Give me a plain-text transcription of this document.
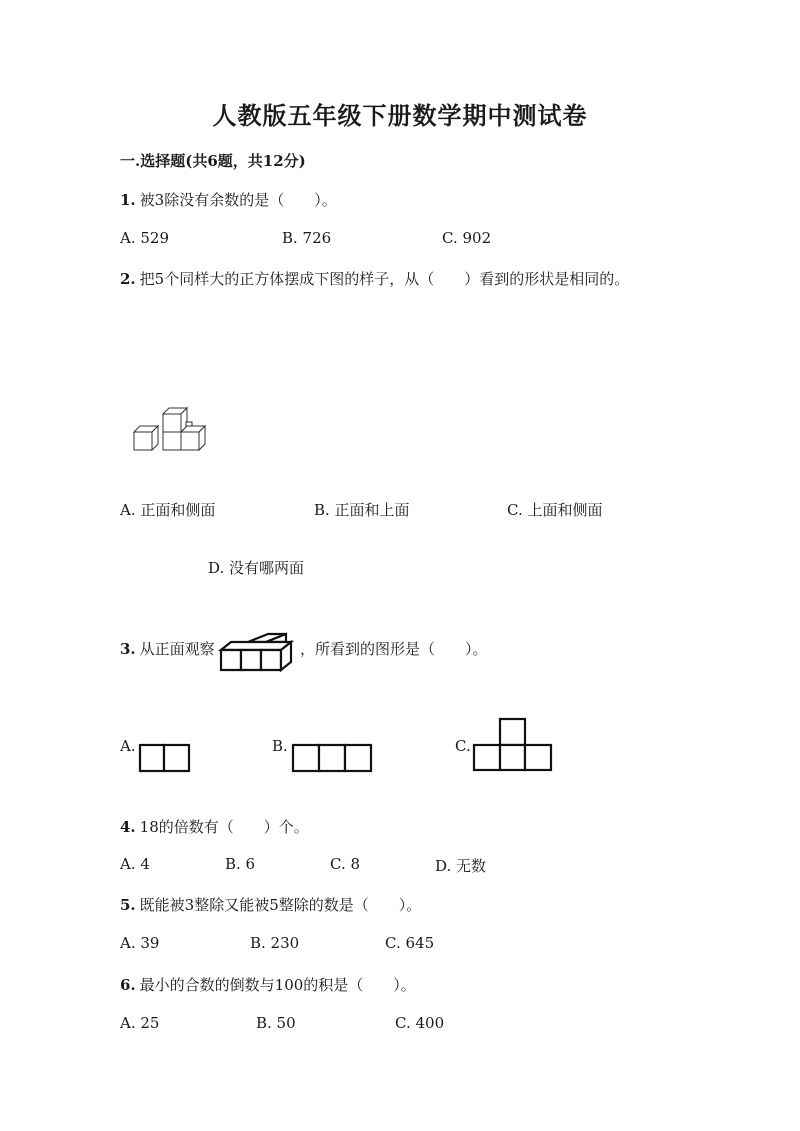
人教版五年级下册数学期中测试卷
一.选择题(共6题，共12分)
1. 被3除没有余数的是（　　）。
A. 529	B. 726	C. 902
2. 把5个同样大的正方体摆成下图的样子，从（　　）看到的形状是相同的。
A. 正面和侧面	B. 正面和上面	C. 上面和侧面
D. 没有哪两面
3. 从正面观察	，所看到的图形是（　　）。
A.	B.	C.
4. 18的倍数有（　　）个。
A. 4	B. 6	C. 8	D. 无数
5. 既能被3整除又能被5整除的数是（　　）。
A. 39	B. 230	C. 645
6. 最小的合数的倒数与100的积是（　　）。
A. 25	B. 50	C. 400
